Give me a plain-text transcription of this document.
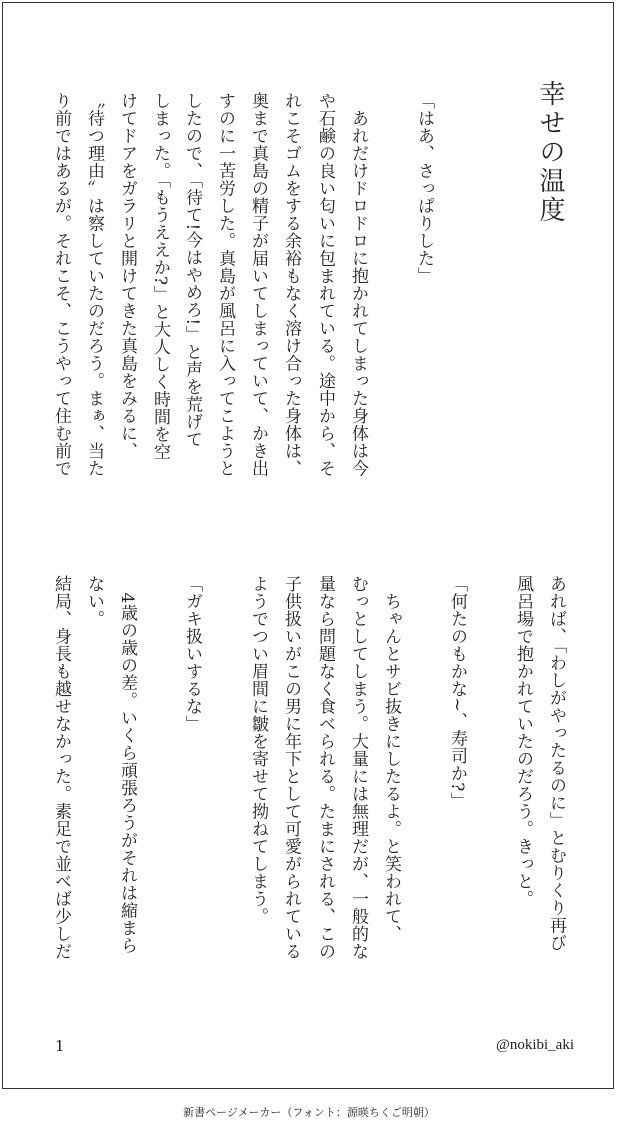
幸せの温度
「はあ、さっぱりした」
　あれだけドロドロに抱かれてしまった身体は今
や石鹸の良い匂いに包まれている。途中から、そ
れこそゴムをする余裕もなく溶け合った身体は、
奥まで真島の精子が届いてしまっていて、かき出
すのに一苦労した。真島が風呂に入ってこようと
したので、「待て!今はやめろ!」と声を荒げて
しまった。「もうええか?」と大人しく時間を空
けてドアをガラリと開けてきた真島をみるに、
〝待つ理由〟は察していたのだろう。まぁ、当た
り前ではあるが。それこそ、こうやって住む前で
あれば、「わしがやったるのに」とむりくり再び
風呂場で抱かれていたのだろう。きっと。
「何たのもかな~、寿司か?」
　ちゃんとサビ抜きにしたるよ。と笑われて、
むっとしてしまう。大量には無理だが、一般的な
量なら問題なく食べられる。たまにされる、この
子供扱いがこの男に年下として可愛がられている
ようでつい眉間に皺を寄せて拗ねてしまう。
「ガキ扱いするな」
　4歳の歳の差。いくら頑張ろうがそれは縮まら
ない。
結局、身長も越せなかった。素足で並べば少しだ
1	@nokibi_aki
新書ページメーカー（フォント：源暎ちくご明朝）
